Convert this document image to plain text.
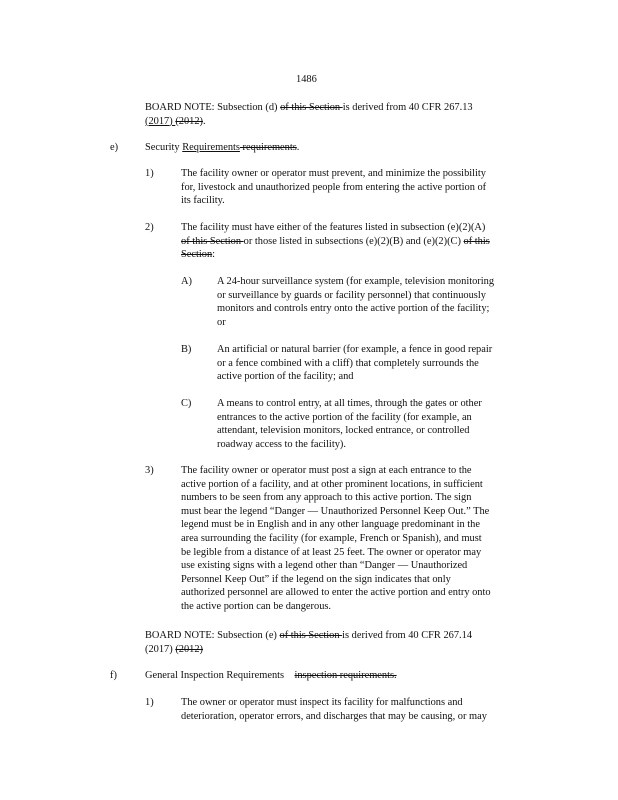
1486
BOARD NOTE: Subsection (d) of this Section is derived from 40 CFR 267.13
(2017) (2012).
e)	Security Requirements requirements.
1)	The facility owner or operator must prevent, and minimize the possibility
for, livestock and unauthorized people from entering the active portion of
its facility.
2)	The facility must have either of the features listed in subsection (e)(2)(A)
of this Section or those listed in subsections (e)(2)(B) and (e)(2)(C) of this
Section:
A) A 24-hour surveillance system (for example, television monitoring
or surveillance by guards or facility personnel) that continuously
monitors and controls entry onto the active portion of the facility;
or
B) An artificial or natural barrier (for example, a fence in good repair
or a fence combined with a cliff) that completely surrounds the
active portion of the facility; and
C) A means to control entry, at all times, through the gates or other
entrances to the active portion of the facility (for example, an
attendant, television monitors, locked entrance, or controlled
roadway access to the facility).
3)	The facility owner or operator must post a sign at each entrance to the
active portion of a facility, and at other prominent locations, in sufficient
numbers to be seen from any approach to this active portion. The sign
must bear the legend “Danger — Unauthorized Personnel Keep Out.” The
legend must be in English and in any other language predominant in the
area surrounding the facility (for example, French or Spanish), and must
be legible from a distance of at least 25 feet. The owner or operator may
use existing signs with a legend other than “Danger — Unauthorized
Personnel Keep Out” if the legend on the sign indicates that only
authorized personnel are allowed to enter the active portion and entry onto
the active portion can be dangerous.
BOARD NOTE: Subsection (e) of this Section is derived from 40 CFR 267.14
(2017) (2012)
f)	General Inspection Requirements inspection requirements.
1)	The owner or operator must inspect its facility for malfunctions and
deterioration, operator errors, and discharges that may be causing, or may
